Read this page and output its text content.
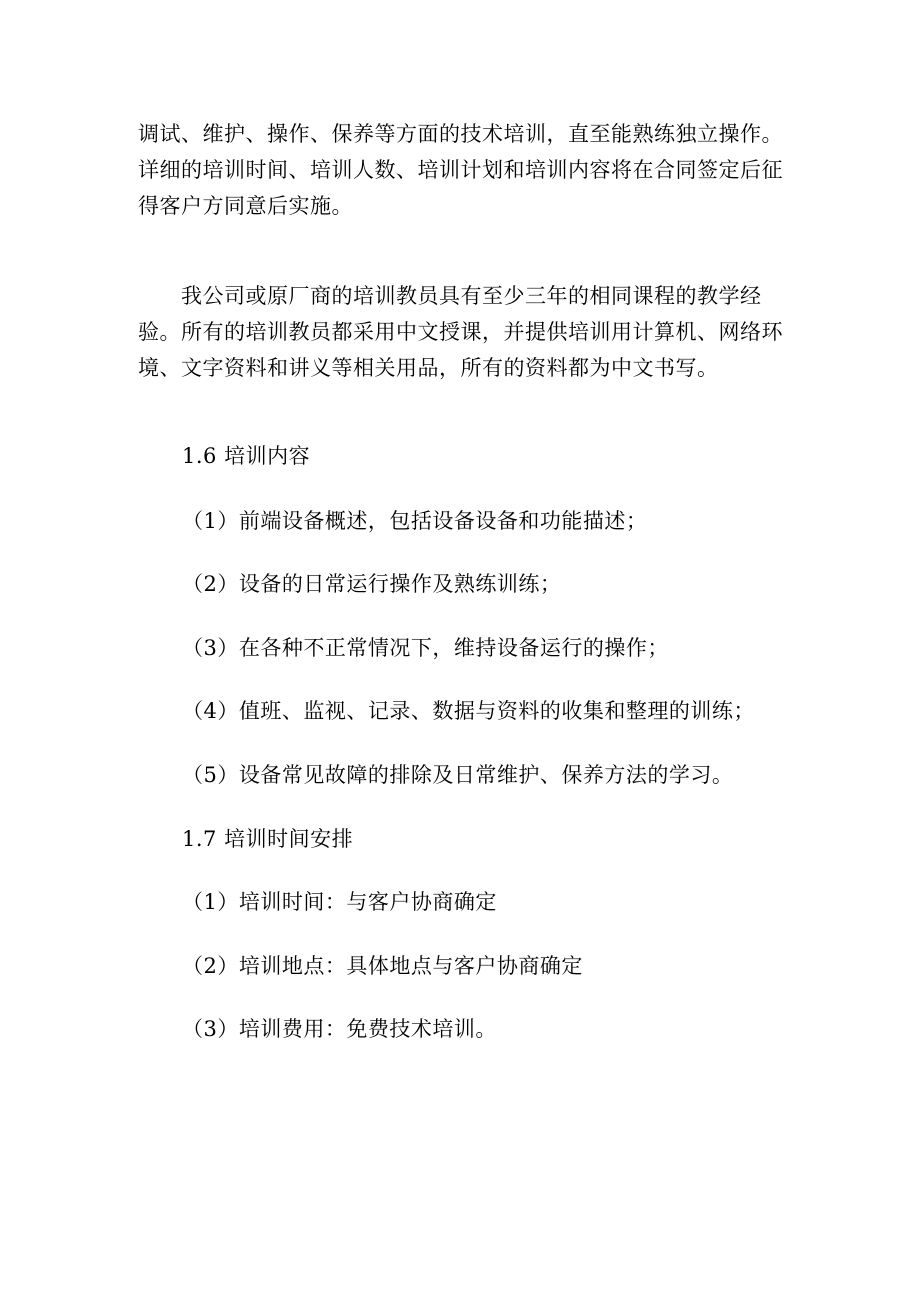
调试、维护、操作、保养等方面的技术培训，直至能熟练独立操作。
详细的培训时间、培训人数、培训计划和培训内容将在合同签定后征
得客户方同意后实施。
　　我公司或原厂商的培训教员具有至少三年的相同课程的教学经
验。所有的培训教员都采用中文授课，并提供培训用计算机、网络环
境、文字资料和讲义等相关用品，所有的资料都为中文书写。

1.6 培训内容

（1）前端设备概述，包括设备设备和功能描述；

（2）设备的日常运行操作及熟练训练；

（3）在各种不正常情况下，维持设备运行的操作；

（4）值班、监视、记录、数据与资料的收集和整理的训练；

（5）设备常见故障的排除及日常维护、保养方法的学习。

1.7 培训时间安排

（1）培训时间：与客户协商确定

（2）培训地点：具体地点与客户协商确定

（3）培训费用：免费技术培训。
